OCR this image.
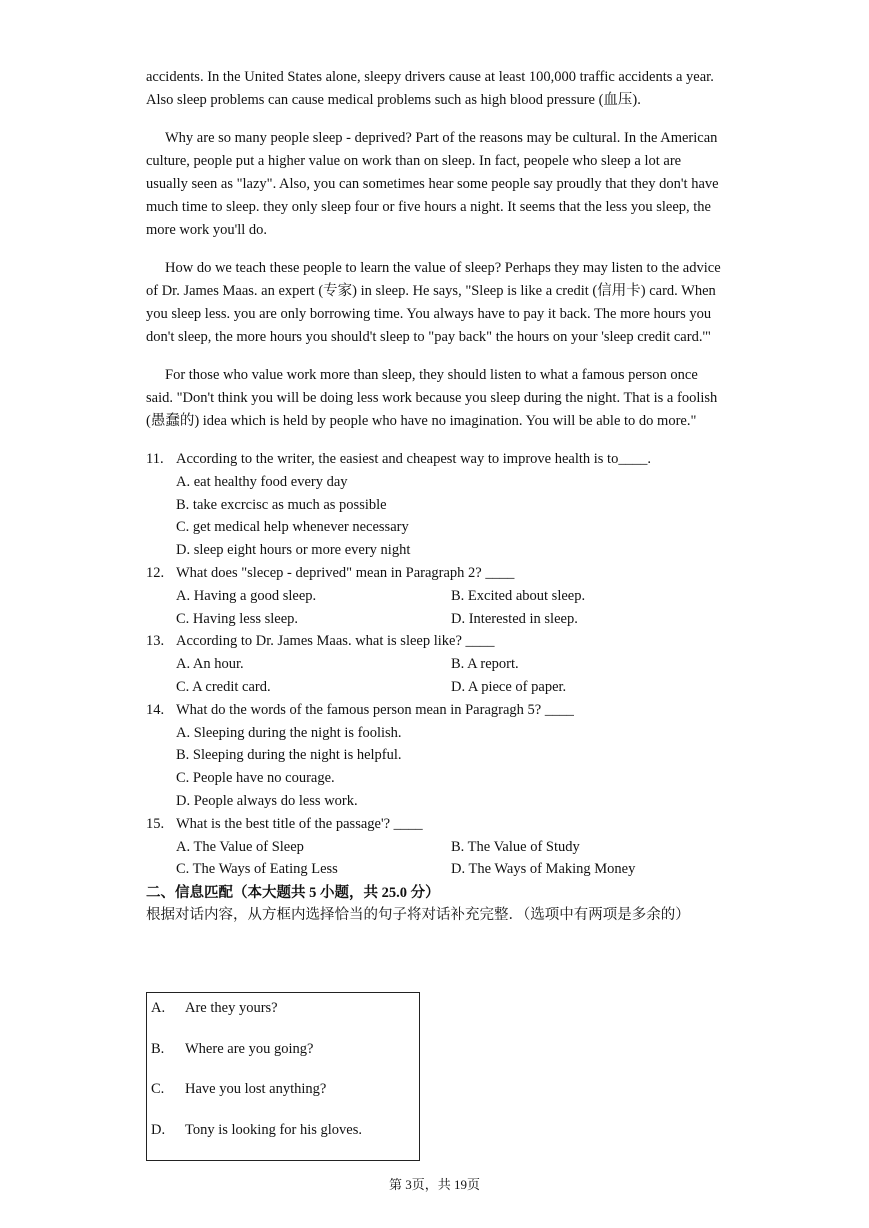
accidents. In the United States alone, sleepy drivers cause at least 100,000 traffic accidents a year. Also sleep problems can cause medical problems such as high blood pressure (血压).

Why are so many people sleep - deprived? Part of the reasons may be cultural. In the American culture, people put a higher value on work than on sleep. In fact, peopele who sleep a lot are usually seen as "lazy". Also, you can sometimes hear some people say proudly that they don't have much time to sleep. they only sleep four or five hours a night. It seems that the less you sleep, the more work you'll do.

How do we teach these people to learn the value of sleep? Perhaps they may listen to the advice of Dr. James Maas. an expert (专家) in sleep. He says, "Sleep is like a credit (信用卡) card. When you sleep less. you are only borrowing time. You always have to pay it back. The more hours you don't sleep, the more hours you should't sleep to "pay back" the hours on your 'sleep credit card.'"

For those who value work more than sleep, they should listen to what a famous person once said. "Don't think you will be doing less work because you sleep during the night. That is a foolish (愚蠢的) idea which is held by people who have no imagination. You will be able to do more."

11. According to the writer, the easiest and cheapest way to improve health is to____.
A. eat healthy food every day
B. take excrcisc as much as possible
C. get medical help whenever necessary
D. sleep eight hours or more every night
12. What does "slecep - deprived" mean in Paragraph 2? ____
A. Having a good sleep.	B. Excited about sleep.
C. Having less sleep.	D. Interested in sleep.
13. According to Dr. James Maas. what is sleep like? ____
A. An hour.	B. A report.
C. A credit card.	D. A piece of paper.
14. What do the words of the famous person mean in Paragragh 5? ____
A. Sleeping during the night is foolish.
B. Sleeping during the night is helpful.
C. People have no courage.
D. People always do less work.
15. What is the best title of the passage'? ____
A. The Value of Sleep	B. The Value of Study
C. The Ways of Eating Less	D. The Ways of Making Money
二、信息匹配（本大题共 5 小题，共 25.0 分）
根据对话内容，从方框内选择恰当的句子将对话补充完整．（选项中有两项是多余的）
A. Are they yours?
B. Where are you going?
C. Have you lost anything?
D. Tony is looking for his gloves.
第 3页，共 19页
